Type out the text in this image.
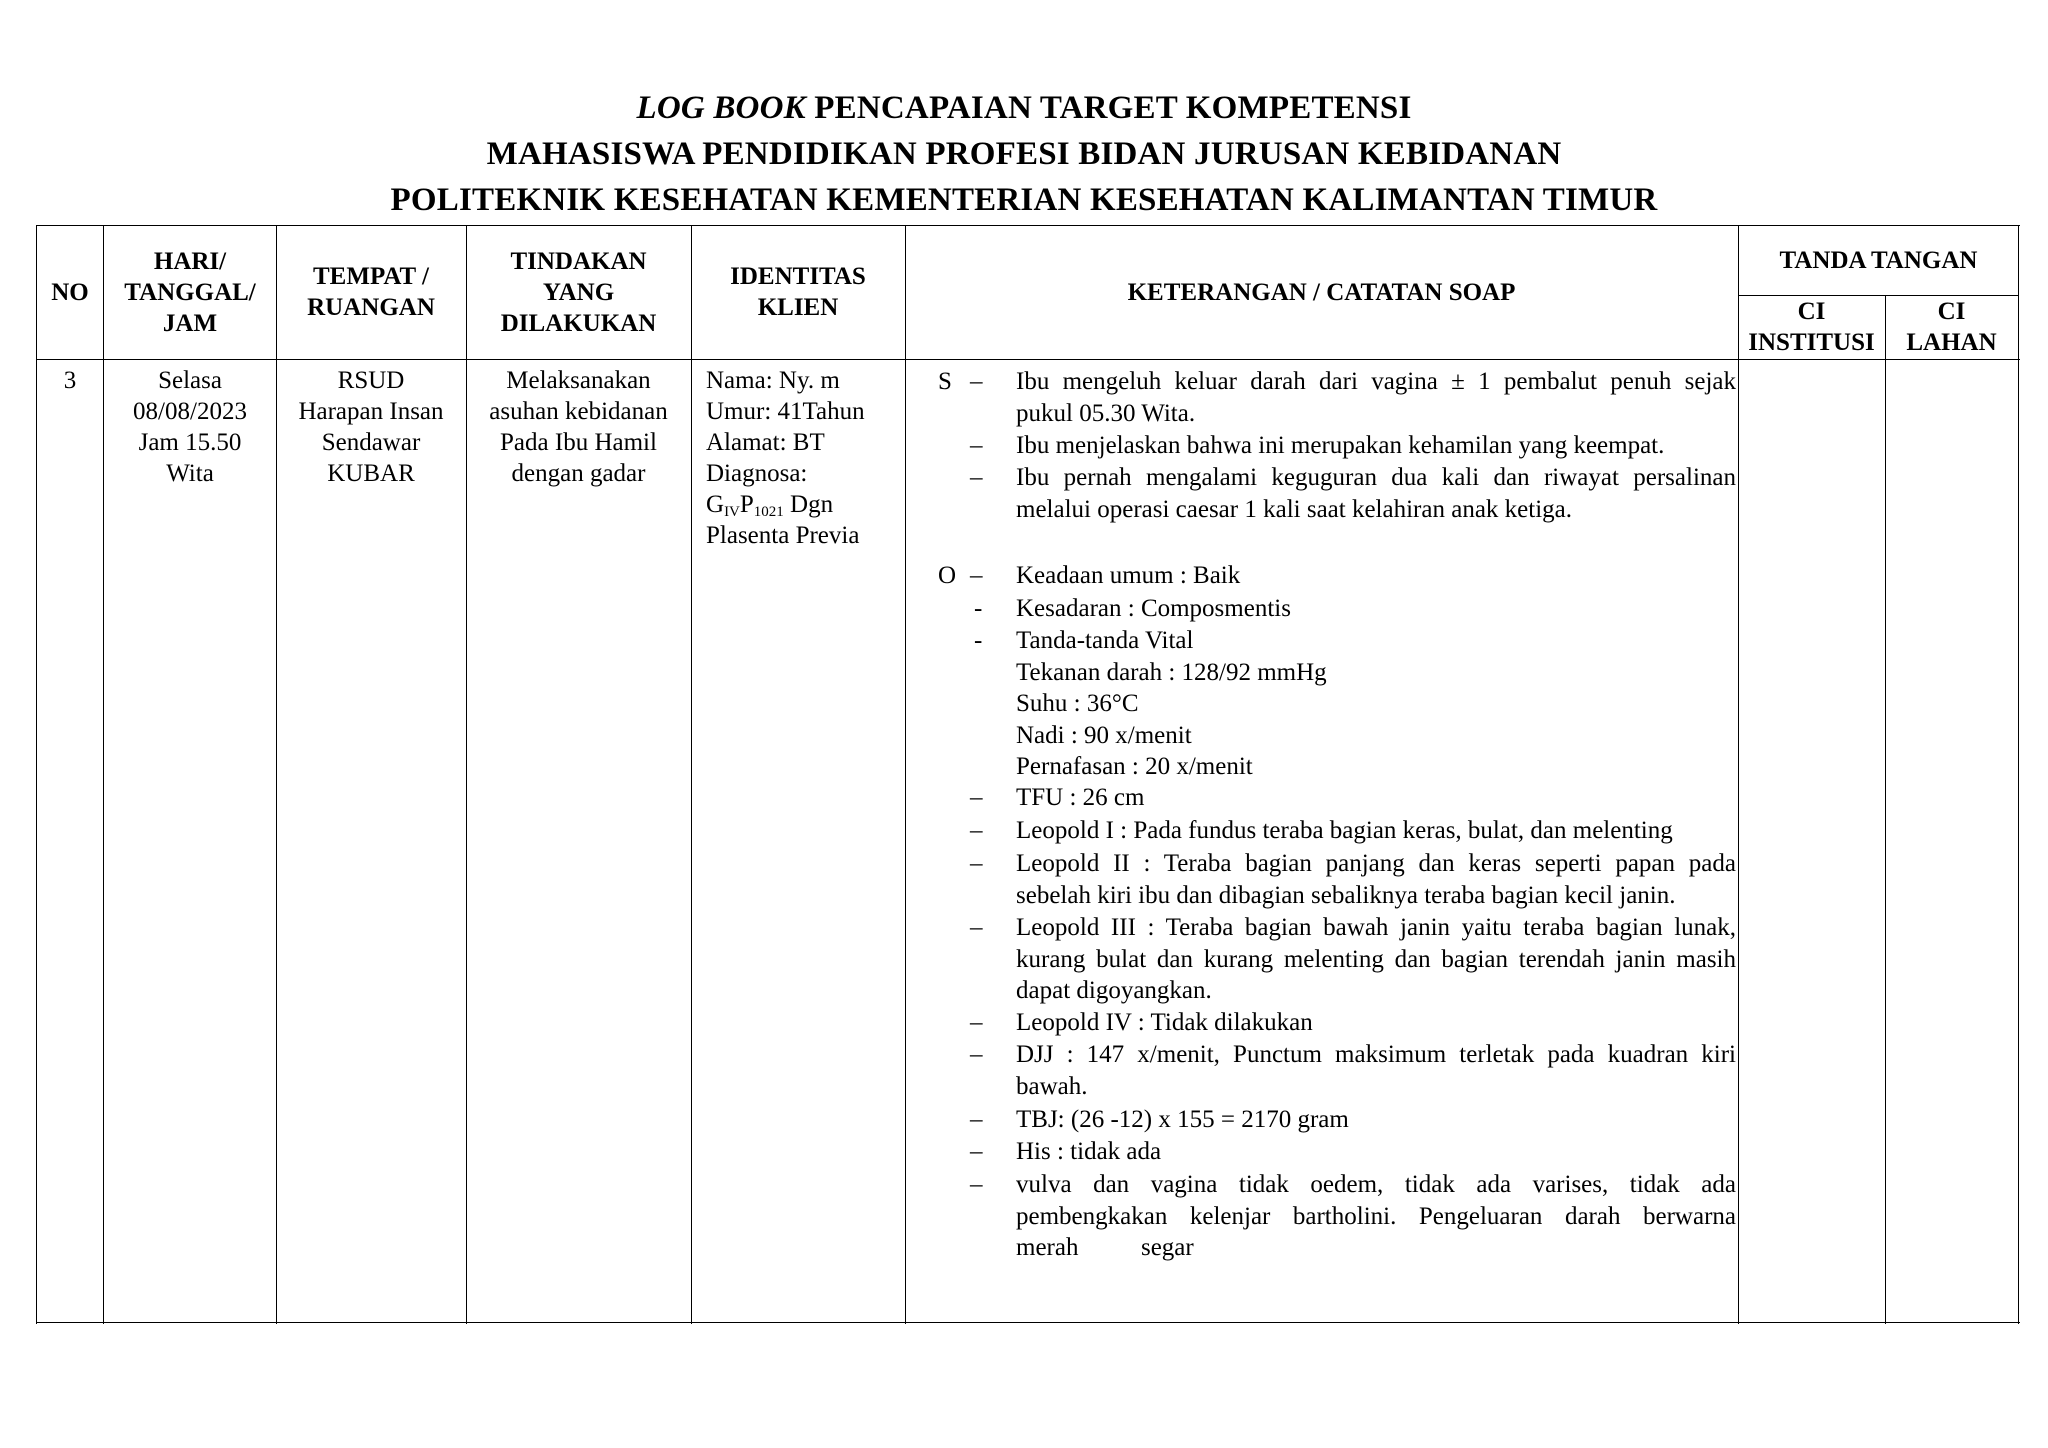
LOG BOOK PENCAPAIAN TARGET KOMPETENSI
MAHASISWA PENDIDIKAN PROFESI BIDAN JURUSAN KEBIDANAN
POLITEKNIK KESEHATAN KEMENTERIAN KESEHATAN KALIMANTAN TIMUR
NO
HARI/
TANGGAL/
JAM
TEMPAT /
RUANGAN
TINDAKAN
YANG
DILAKUKAN
IDENTITAS
KLIEN
KETERANGAN / CATATAN SOAP
TANDA TANGAN
CI
INSTITUSI
CI
LAHAN
3	Selasa
08/08/2023
Jam 15.50
Wita
RSUD
Harapan Insan
Sendawar
KUBAR
Melaksanakan
asuhan kebidanan
Pada Ibu Hamil
dengan gadar
Nama: Ny. m
Umur: 41Tahun
Alamat: BT
Diagnosa:
$G_{IV}P_{1021}$ Dgn
Plasenta Previa
S – Ibu mengeluh keluar darah dari vagina ± 1 pembalut penuh sejak
pukul 05.30 Wita.
– Ibu menjelaskan bahwa ini merupakan kehamilan yang keempat.
– Ibu pernah mengalami keguguran dua kali dan riwayat persalinan
melalui operasi caesar 1 kali saat kelahiran anak ketiga.
O – Keadaan umum : Baik
- Kesadaran : Composmentis
- Tanda-tanda Vital
Tekanan darah : 128/92 mmHg
Suhu : 36°C
Nadi : 90 x/menit
Pernafasan : 20 x/menit
– TFU : 26 cm
– Leopold I : Pada fundus teraba bagian keras, bulat, dan melenting
– Leopold II : Teraba bagian panjang dan keras seperti papan pada
sebelah kiri ibu dan dibagian sebaliknya teraba bagian kecil janin.
– Leopold III : Teraba bagian bawah janin yaitu teraba bagian lunak,
kurang bulat dan kurang melenting dan bagian terendah janin masih
dapat digoyangkan.
– Leopold IV : Tidak dilakukan
– DJJ : 147 x/menit, Punctum maksimum terletak pada kuadran kiri
bawah.
– TBJ: (26 -12) x 155 = 2170 gram
– His : tidak ada
– vulva dan vagina tidak oedem, tidak ada varises, tidak ada
pembengkakan kelenjar bartholini. Pengeluaran darah berwarna
merah          segar
